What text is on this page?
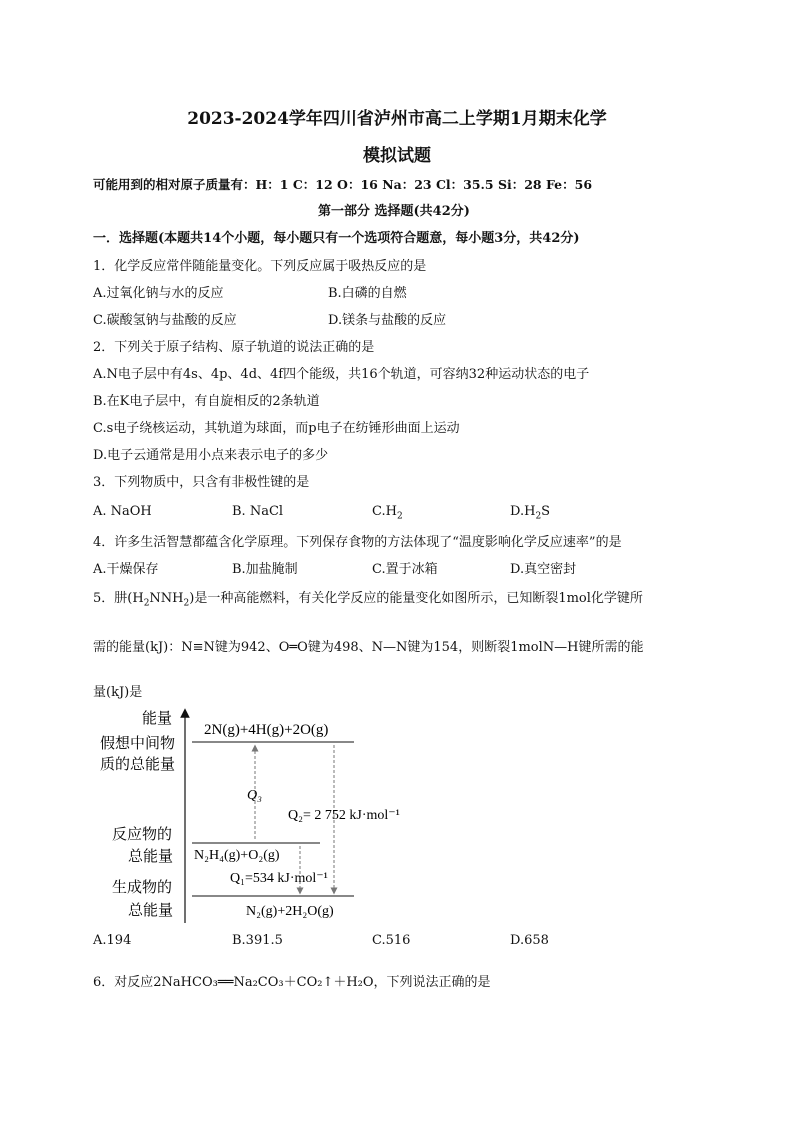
2023-2024学年四川省泸州市高二上学期1月期末化学
模拟试题
可能用到的相对原子质量有：H：1 C：12 O：16 Na：23 Cl：35.5 Si：28 Fe：56
第一部分 选择题(共42分)
一．选择题(本题共14个小题，每小题只有一个选项符合题意，每小题3分，共42分)
1．化学反应常伴随能量变化。下列反应属于吸热反应的是
A.过氧化钠与水的反应	B.白磷的自燃
C.碳酸氢钠与盐酸的反应	D.镁条与盐酸的反应
2．下列关于原子结构、原子轨道的说法正确的是
A.N电子层中有4s、4p、4d、4f四个能级，共16个轨道，可容纳32种运动状态的电子
B.在K电子层中，有自旋相反的2条轨道
C.s电子绕核运动，其轨道为球面，而p电子在纺锤形曲面上运动
D.电子云通常是用小点来表示电子的多少
3．下列物质中，只含有非极性键的是
A. NaOH	B. NaCl	$C.H_2$	$D.H_2S$
4．许多生活智慧都蕴含化学原理。下列保存食物的方法体现了“温度影响化学反应速率”的是
A.干燥保存	B.加盐腌制	C.置于冰箱	D.真空密封
5．肼$(H_2NNH_2)$是一种高能燃料，有关化学反应的能量变化如图所示，已知断裂1mol化学键所
需的能量(kJ)：N≡N键为942、O═O键为498、N—N键为154，则断裂1molN—H键所需的能
量(kJ)是
能量
假想中间物
质的总能量
2N(g)+4H(g)+2O(g)
反应物的
总能量 N₂H₄(g)+O₂(g)
生成物的
总能量	N₂(g)+2H₂O(g)
Q₃
Q₂= 2 752 kJ·mol⁻¹
Q₁=534 kJ·mol⁻¹
A.194	B.391.5	C.516	D.658
6．对反应2NaHCO₃══Na₂CO₃＋CO₂↑＋H₂O，下列说法正确的是
